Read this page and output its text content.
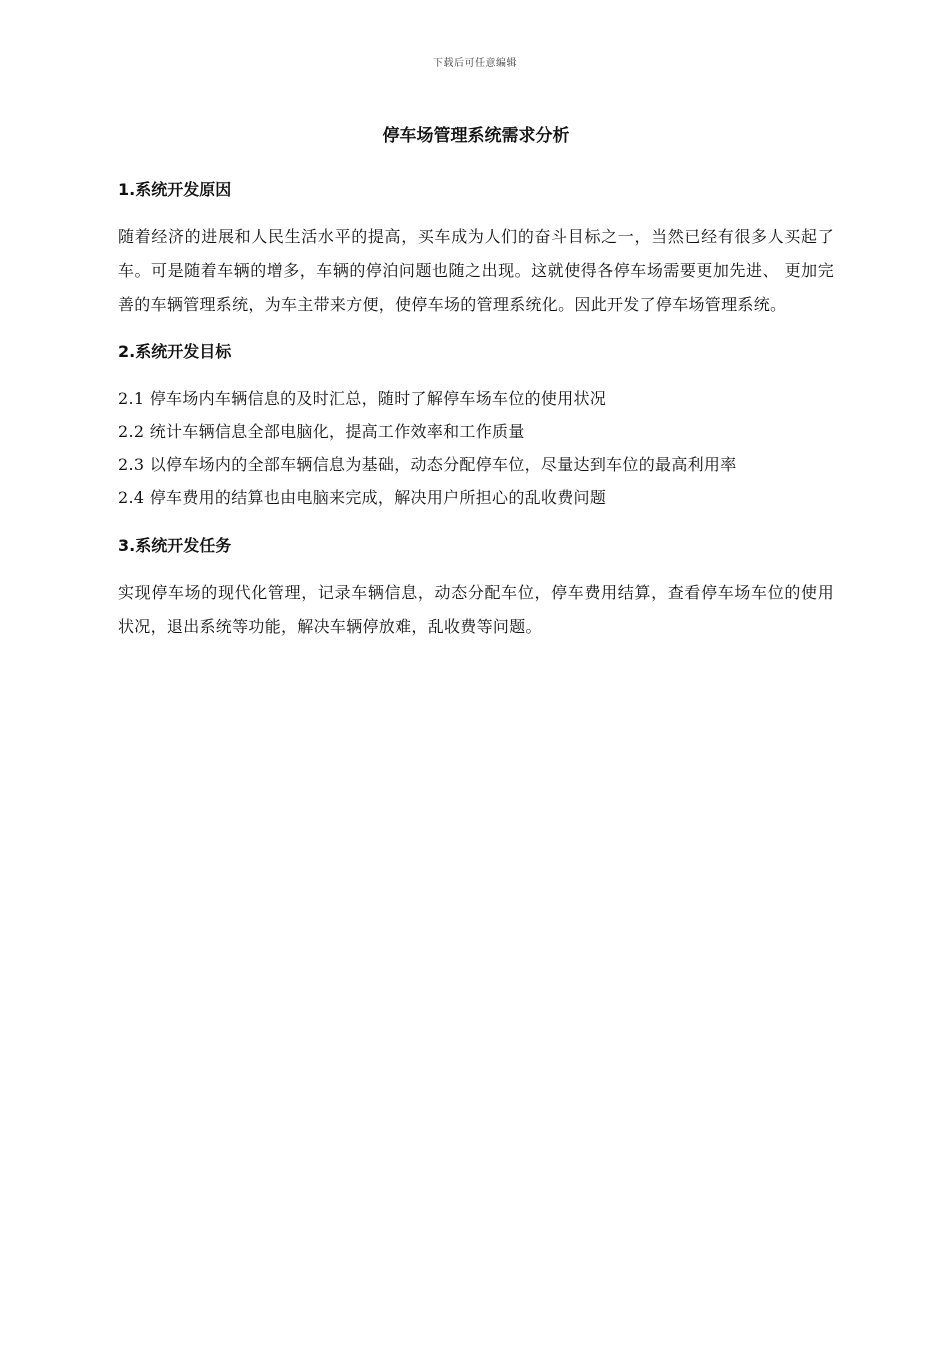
下载后可任意编辑
停车场管理系统需求分析
1.系统开发原因

随着经济的进展和人民生活水平的提高，买车成为人们的奋斗目标之一，当然已经有很多人买起了车。可是随着车辆的增多，车辆的停泊问题也随之出现。这就使得各停车场需要更加先进、 更加完善的车辆管理系统，为车主带来方便，使停车场的管理系统化。因此开发了停车场管理系统。

2.系统开发目标
2.1 停车场内车辆信息的及时汇总，随时了解停车场车位的使用状况
2.2 统计车辆信息全部电脑化，提高工作效率和工作质量
2.3 以停车场内的全部车辆信息为基础，动态分配停车位，尽量达到车位的最高利用率
2.4 停车费用的结算也由电脑来完成，解决用户所担心的乱收费问题
3.系统开发任务

实现停车场的现代化管理，记录车辆信息，动态分配车位，停车费用结算，查看停车场车位的使用状况，退出系统等功能，解决车辆停放难，乱收费等问题。
